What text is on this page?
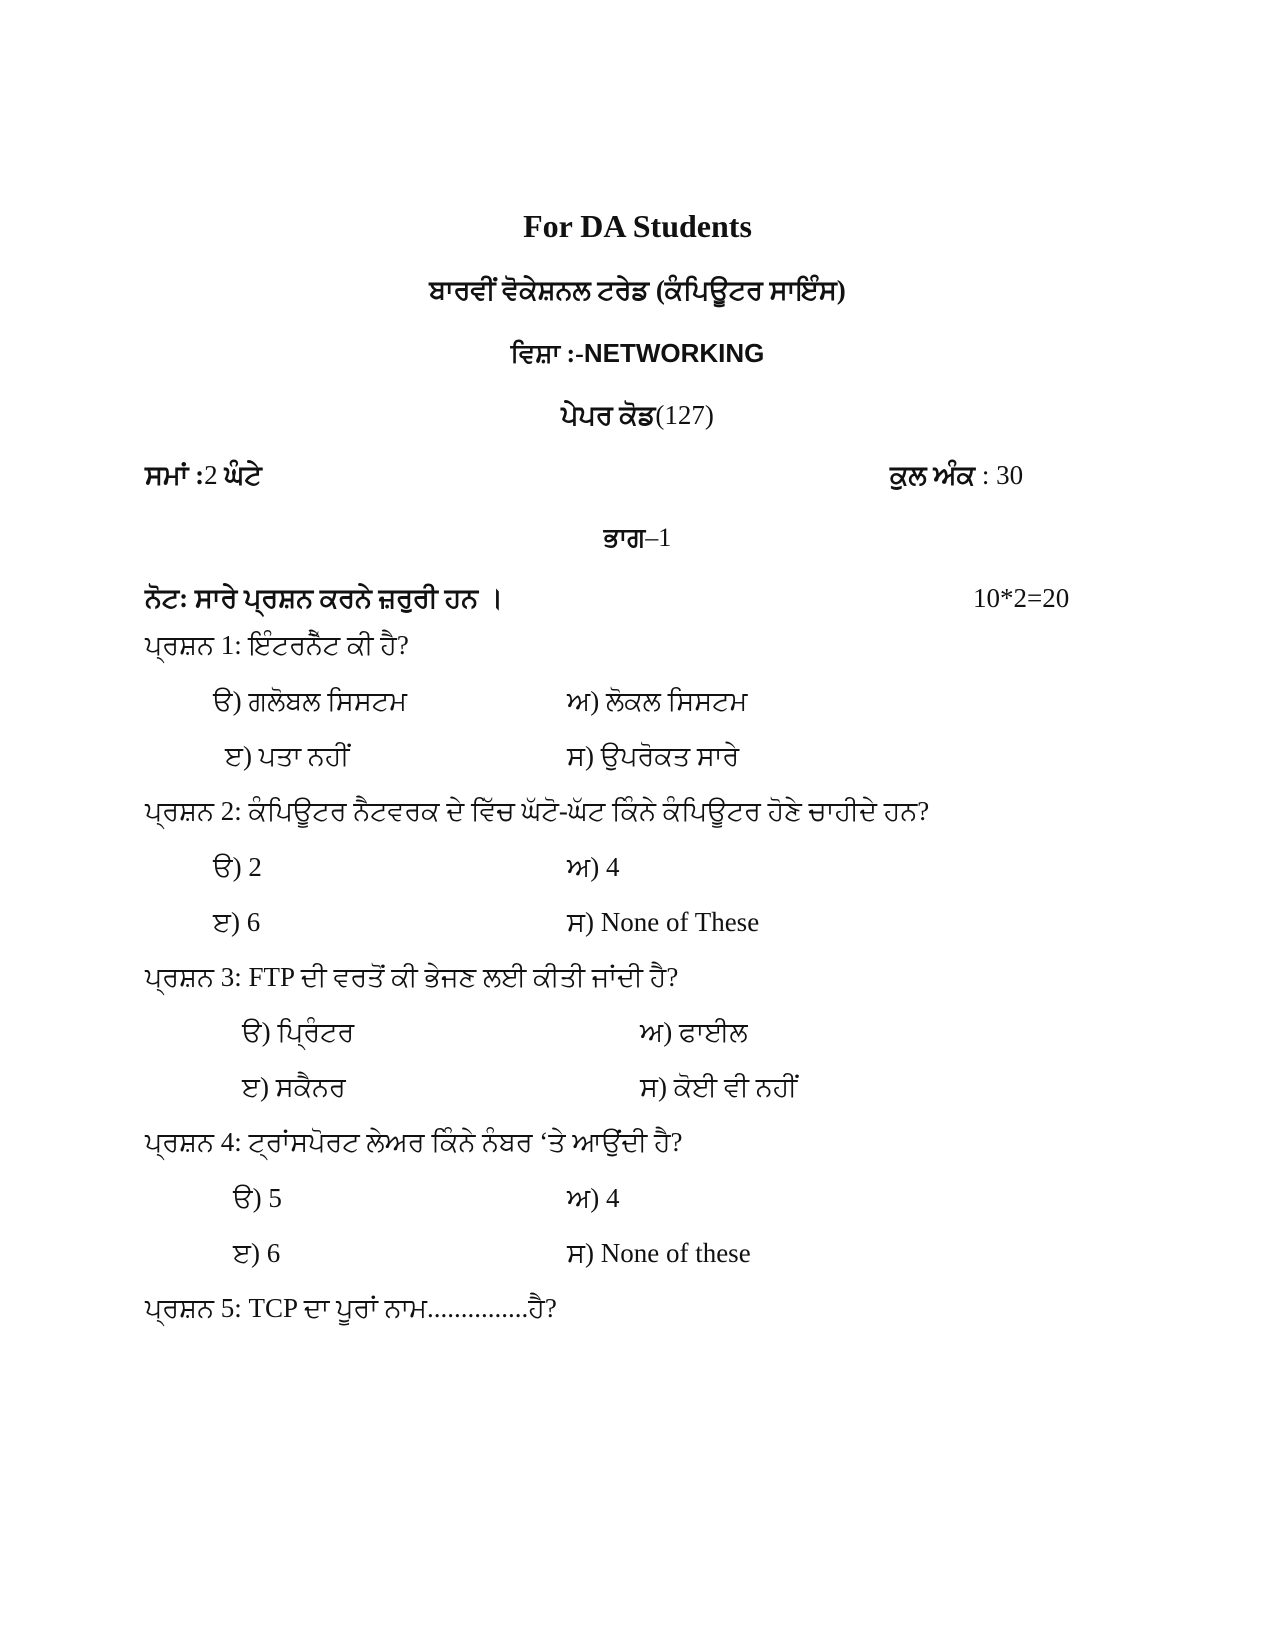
For DA Students
ਬਾਰਵੀਂ ਵੋਕੇਸ਼ਨਲ ਟਰੇਡ (ਕੰਪਿਊਟਰ ਸਾਇੰਸ)
ਵਿਸ਼ਾ :-NETWORKING
ਪੇਪਰ ਕੋਡ(127)
ਸਮਾਂ :2 ਘੰਟੇ	ਕੁਲ ਅੰਕ : 30
ਭਾਗ–1
ਨੋਟ: ਸਾਰੇ ਪ੍ਰਸ਼ਨ ਕਰਨੇ ਜ਼ਰੁਰੀ ਹਨ ।	10*2=20
ਪ੍ਰਸ਼ਨ 1: ਇੰਟਰਨੈੱਟ ਕੀ ਹੈ?
ੳ) ਗਲੋਬਲ ਸਿਸਟਮ	ਅ) ਲੋਕਲ ਸਿਸਟਮ
ੲ) ਪਤਾ ਨਹੀਂ	ਸ) ਉਪਰੋਕਤ ਸਾਰੇ
ਪ੍ਰਸ਼ਨ 2: ਕੰਪਿਊਟਰ ਨੈਟਵਰਕ ਦੇ ਵਿੱਚ ਘੱਟੋ-ਘੱਟ ਕਿੰਨੇ ਕੰਪਿਊਟਰ ਹੋਣੇ ਚਾਹੀਦੇ ਹਨ?
ੳ) 2	ਅ) 4
ੲ) 6	ਸ) None of These
ਪ੍ਰਸ਼ਨ 3: FTP ਦੀ ਵਰਤੋਂ ਕੀ ਭੇਜਣ ਲਈ ਕੀਤੀ ਜਾਂਦੀ ਹੈ?
ੳ) ਪ੍ਰਿੰਟਰ	ਅ) ਫਾਈਲ
ੲ) ਸਕੈਨਰ	ਸ) ਕੋਈ ਵੀ ਨਹੀਂ
ਪ੍ਰਸ਼ਨ 4: ਟ੍ਰਾਂਸਪੋਰਟ ਲੇਅਰ ਕਿੰਨੇ ਨੰਬਰ ‘ਤੇ ਆਉਂਦੀ ਹੈ?
ੳ) 5	ਅ) 4
ੲ) 6	ਸ) None of these
ਪ੍ਰਸ਼ਨ 5: TCP ਦਾ ਪੂਰਾਂ ਨਾਮ...............ਹੈ?
